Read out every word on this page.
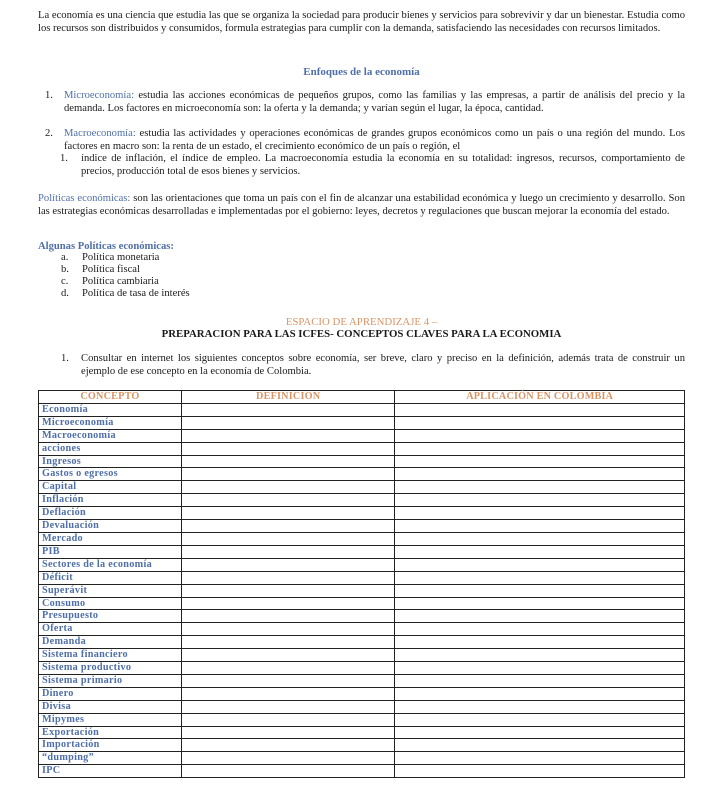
La economía es una ciencia que estudia las que se organiza la sociedad para producir bienes y servicios para sobrevivir y dar un bienestar. Estudia como los recursos son distribuidos y consumidos, formula estrategias para cumplir con la demanda, satisfaciendo las necesidades con recursos limitados.

Enfoques de la economía
1. Microeconomía: estudia las acciones económicas de pequeños grupos, como las familias y las empresas, a partir de análisis del precio y la demanda. Los factores en microeconomía son: la oferta y la demanda; y varían según el lugar, la época, cantidad.
2. Macroeconomía: estudia las actividades y operaciones económicas de grandes grupos económicos como un país o una región del mundo. Los factores en macro son: la renta de un estado, el crecimiento económico de un país o región, el
1. índice de inflación, el índice de empleo. La macroeconomía estudia la economía en su totalidad: ingresos, recursos, comportamiento de precios, producción total de esos bienes y servicios.
Políticas económicas: son las orientaciones que toma un país con el fin de alcanzar una estabilidad económica y luego un crecimiento y desarrollo. Son las estrategias económicas desarrolladas e implementadas por el gobierno: leyes, decretos y regulaciones que buscan mejorar la economía del estado.
Algunas Políticas económicas:
a. Política monetaria
b. Política fiscal
c. Política cambiaria
d. Política de tasa de interés
ESPACIO DE APRENDIZAJE 4 –
PREPARACION PARA LAS ICFES- CONCEPTOS CLAVES PARA LA ECONOMIA
1. Consultar en internet los siguientes conceptos sobre economía, ser breve, claro y preciso en la definición, además trata de construir un ejemplo de ese concepto en la economía de Colombia.
CONCEPTO	DEFINICION	APLICACIÓN EN COLOMBIA
Economía		
Microeconomía		
Macroeconomía		
acciones		
Ingresos		
Gastos o egresos		
Capital		
Inflación		
Deflación		
Devaluación		
Mercado		
PIB		
Sectores de la economía		
Déficit		
Superávit		
Consumo		
Presupuesto		
Oferta		
Demanda		
Sistema financiero		
Sistema productivo		
Sistema primario		
Dinero		
Divisa		
Mipymes		
Exportación		
Importación		
“dumping”		
IPC		
